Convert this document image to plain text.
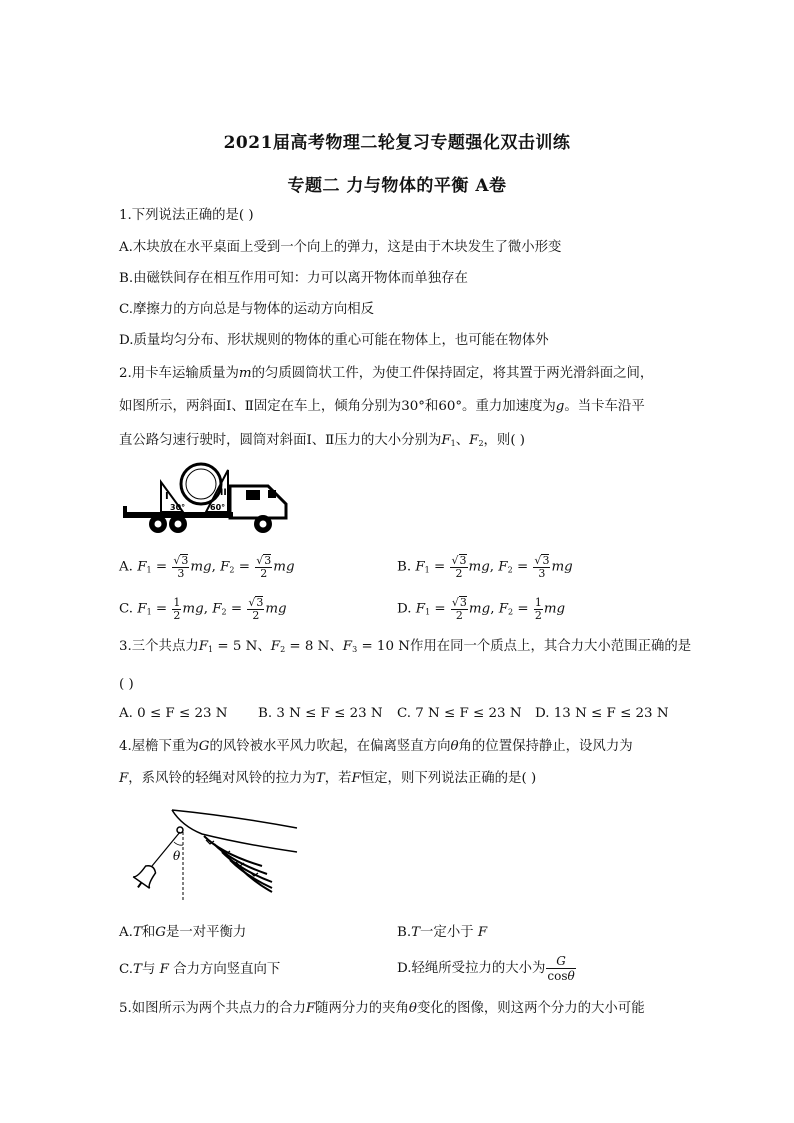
2021届高考物理二轮复习专题强化双击训练
专题二 力与物体的平衡 A卷
1.下列说法正确的是( )
A.木块放在水平桌面上受到一个向上的弹力，这是由于木块发生了微小形变
B.由磁铁间存在相互作用可知：力可以离开物体而单独存在
C.摩擦力的方向总是与物体的运动方向相反
D.质量均匀分布、形状规则的物体的重心可能在物体上，也可能在物体外
2.用卡车运输质量为m的匀质圆筒状工件，为使工件保持固定，将其置于两光滑斜面之间，
如图所示，两斜面Ⅰ、Ⅱ固定在车上，倾角分别为30°和60°。重力加速度为g。当卡车沿平
直公路匀速行驶时，圆筒对斜面Ⅰ、Ⅱ压力的大小分别为$F_1$、$F_2$，则( )
I	II
30°	60°
A. $F_1 = \frac{√3}{3}$ mg, $F_2 = \frac{√3}{2}$ mg	B. $F_1 = \frac{√3}{2}$ mg, $F_2 = \frac{√3}{3}$ mg
C. $F_1 = \frac{1}{2}$ mg, $F_2 = \frac{√3}{2}$ mg	D. $F_1 = \frac{√3}{2}$ mg, $F_2 = \frac{1}{2}$ mg
3.三个共点力$F_1 = 5$ N、$F_2 = 8$ N、$F_3 = 10$ N作用在同一个质点上，其合力大小范围正确的是
( )
A. 0 ≤ F ≤ 23 N B. 3 N ≤ F ≤ 23 N C. 7 N ≤ F ≤ 23 N D. 13 N ≤ F ≤ 23 N
4.屋檐下重为G的风铃被水平风力吹起，在偏离竖直方向θ角的位置保持静止，设风力为
F，系风铃的轻绳对风铃的拉力为T，若F恒定，则下列说法正确的是( )
θ
A.T和G是一对平衡力	B.T一定小于 F
C.T与 F 合力方向竖直向下	D.轻绳所受拉力的大小为 $\frac{G}{\cos\theta}$
5.如图所示为两个共点力的合力F随两分力的夹角θ变化的图像，则这两个分力的大小可能
